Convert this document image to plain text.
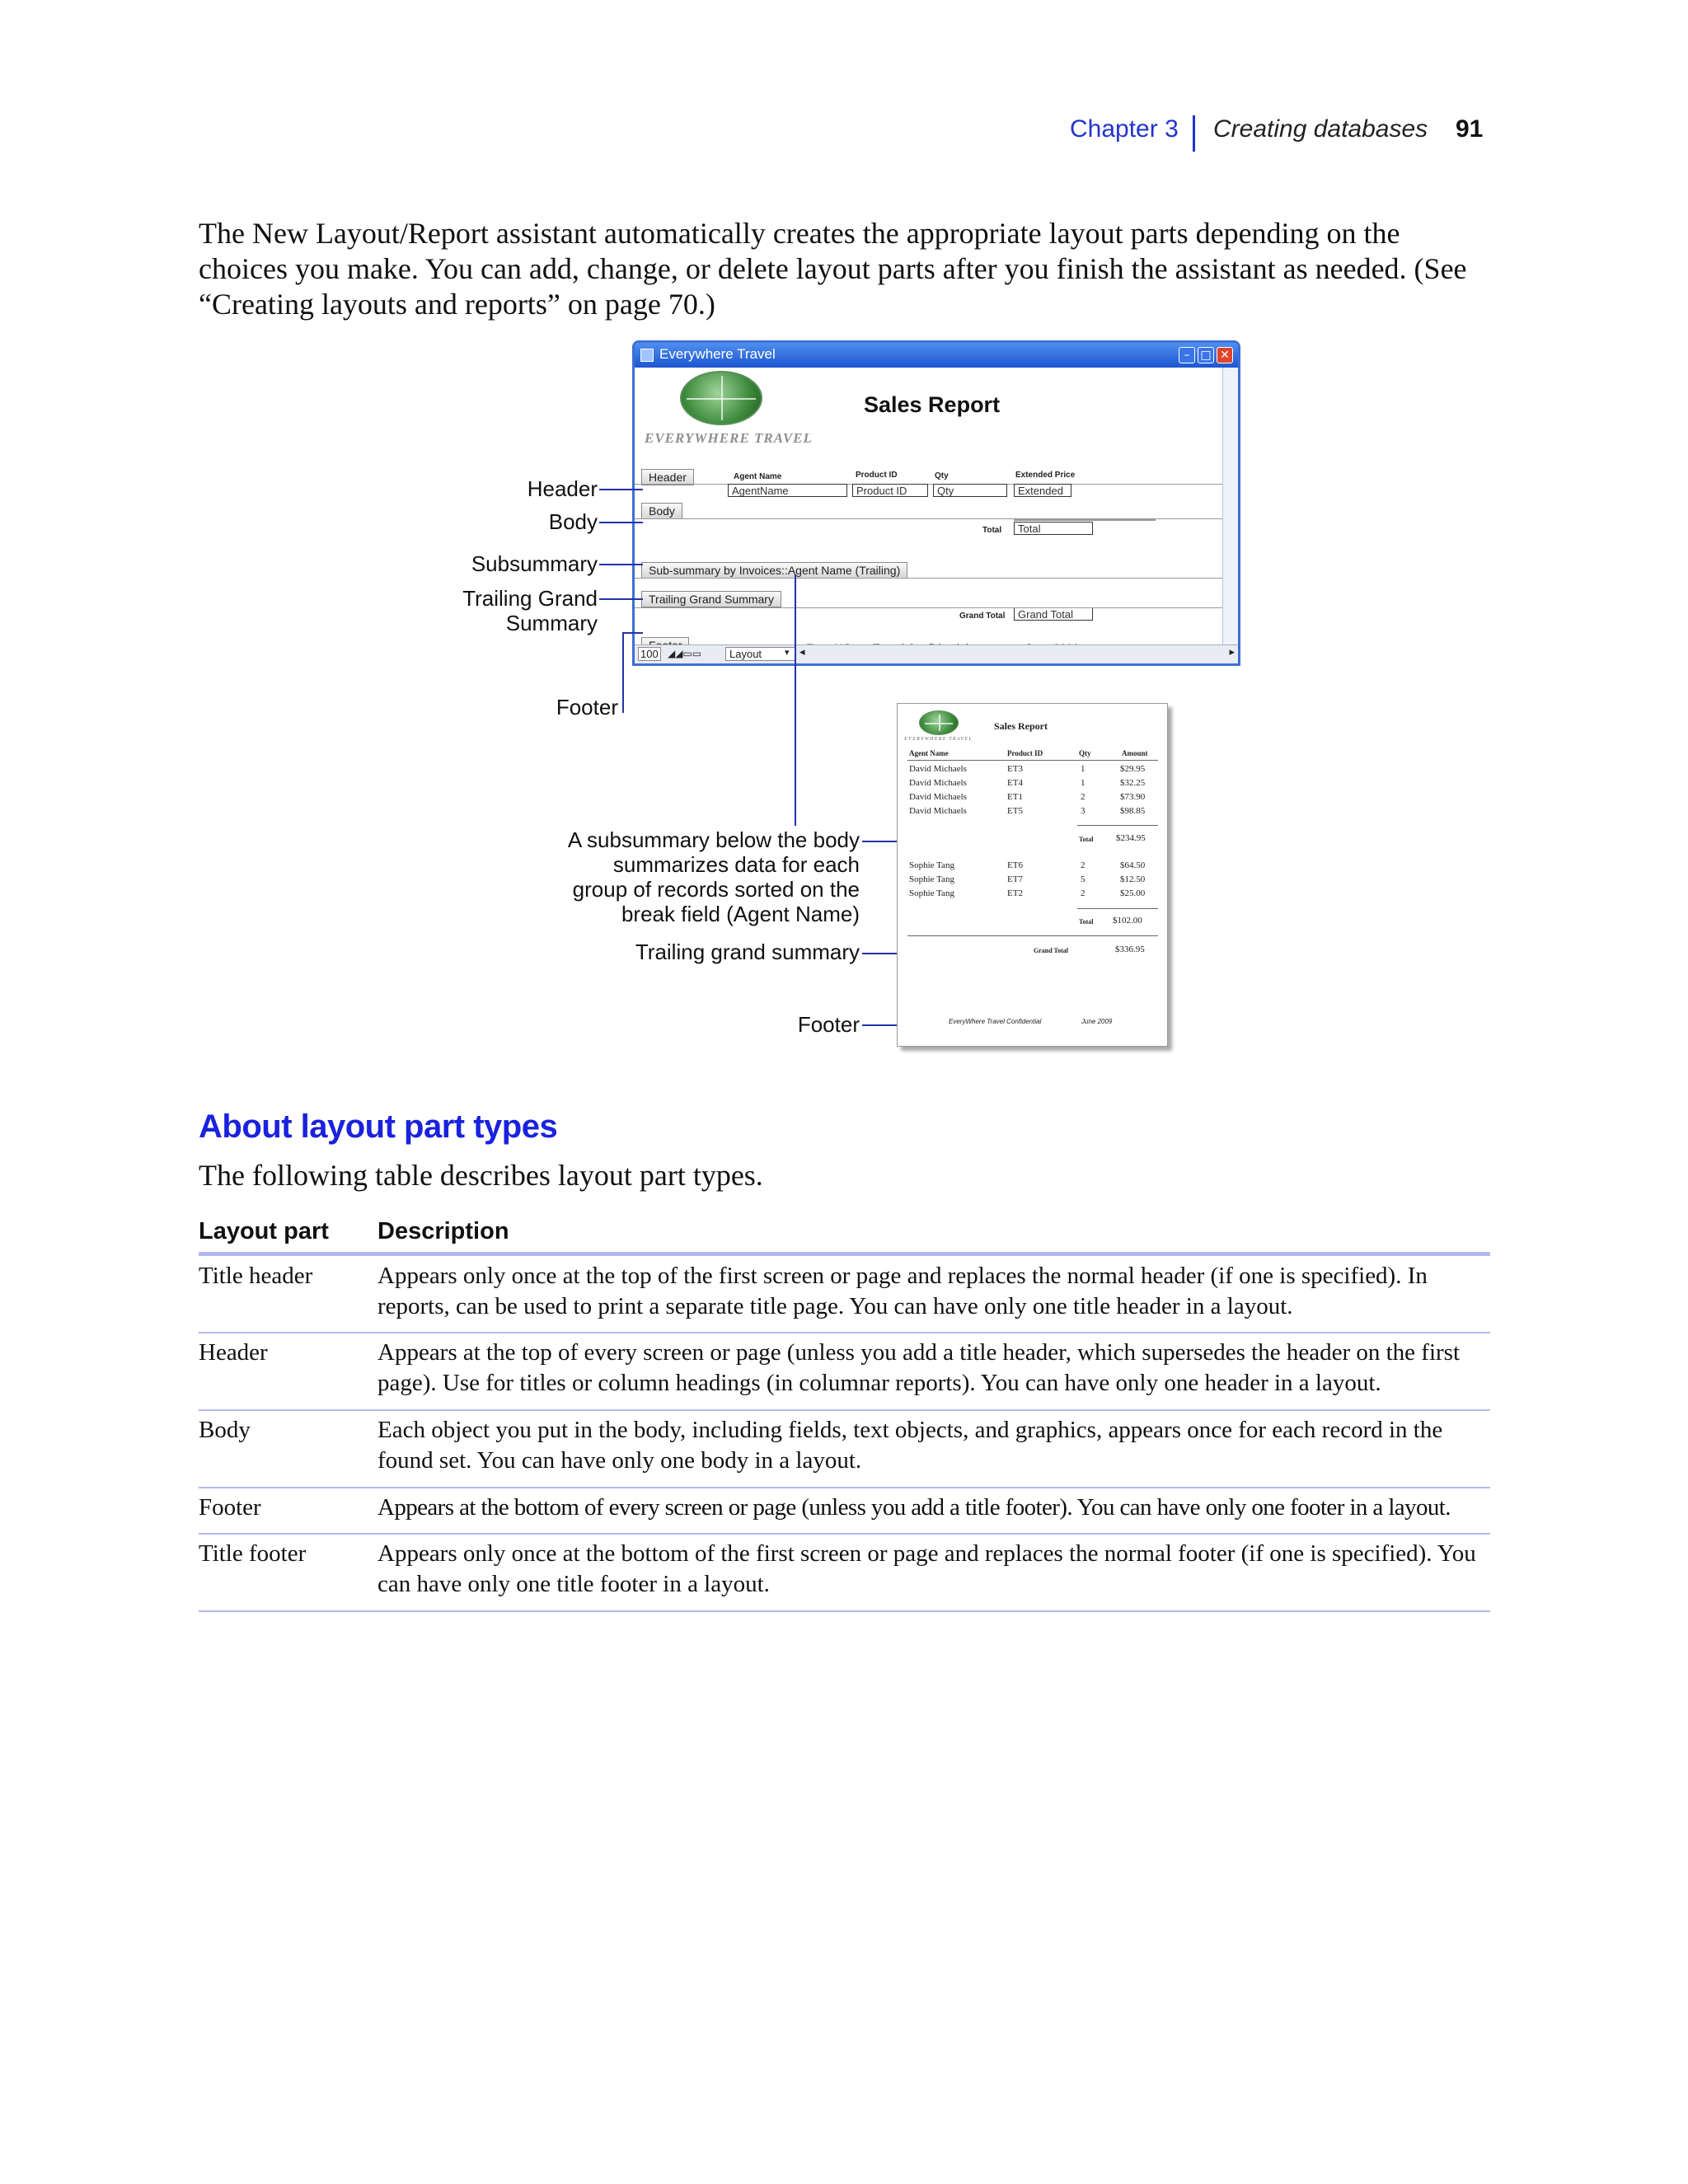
Chapter 3 Creating databases 91
The New Layout/Report assistant automatically creates the appropriate layout parts depending on the choices you make. You can add, change, or delete layout parts after you finish the assistant as needed. (See “Creating layouts and reports” on page 70.)
Everywhere Travel	– □ ✕
EVERYWHERE TRAVEL
Sales Report
Header	Agent Name	Product ID	Qty	Extended Price
AgentName	Product ID	Qty	Extended
Body
Total	Total
Sub-summary by Invoices::Agent Name (Trailing)
Grand Total	Grand Total
Trailing Grand Summary
100 ◢◢▭▭	Layout	▾ ◂	▸
Header
Body
Subsummary
Trailing Grand
Summary
Footer
A subsummary below the body
summarizes data for each
group of records sorted on the
break field (Agent Name)
Trailing grand summary
Footer
EVERYWHERE TRAVEL
Sales Report
Agent Name	Product ID	Qty	Amount
David Michaels	ET3	1	$29.95
David Michaels	ET4	1	$32.25
David Michaels	ET1	2	$73.90
David Michaels	ET5	3	$98.85
Total	$234.95
Sophie Tang	ET6	2	$64.50
Sophie Tang	ET7	5	$12.50
Sophie Tang	ET2	2	$25.00
Total $102.00
Grand Total	$336.95
EveryWhere Travel Confidential	June 2009
About layout part types
The following table describes layout part types.
Layout part Description
Title header	Appears only once at the top of the first screen or page and replaces the normal header (if one is specified). In reports, can be used to print a separate title page. You can have only one title header in a layout.
Header	Appears at the top of every screen or page (unless you add a title header, which supersedes the header on the first page). Use for titles or column headings (in columnar reports). You can have only one header in a layout.
Body	Each object you put in the body, including fields, text objects, and graphics, appears once for each record in the found set. You can have only one body in a layout.
Footer	Appears at the bottom of every screen or page (unless you add a title footer). You can have only one footer in a layout.
Title footer	Appears only once at the bottom of the first screen or page and replaces the normal footer (if one is specified). You can have only one title footer in a layout.
